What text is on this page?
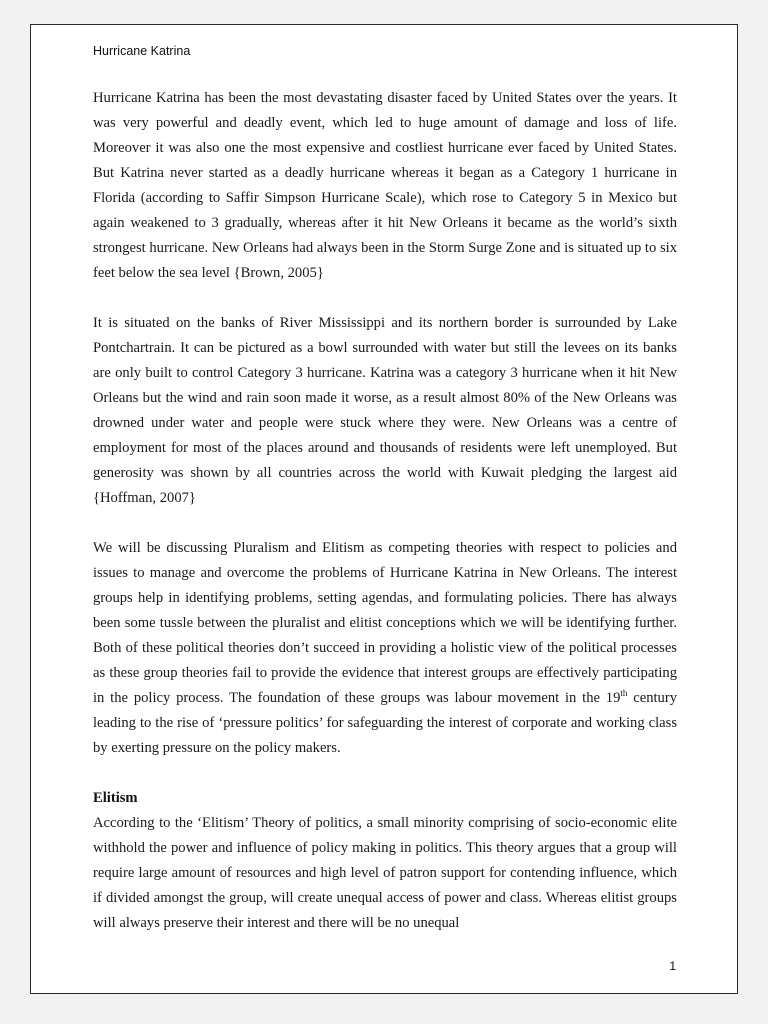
Hurricane Katrina

Hurricane Katrina has been the most devastating disaster faced by United States over the years. It was very powerful and deadly event, which led to huge amount of damage and loss of life. Moreover it was also one the most expensive and costliest hurricane ever faced by United States. But Katrina never started as a deadly hurricane whereas it began as a Category 1 hurricane in Florida (according to Saffir Simpson Hurricane Scale), which rose to Category 5 in Mexico but again weakened to 3 gradually, whereas after it hit New Orleans it became as the world’s sixth strongest hurricane. New Orleans had always been in the Storm Surge Zone and is situated up to six feet below the sea level {Brown, 2005}

It is situated on the banks of River Mississippi and its northern border is surrounded by Lake Pontchartrain. It can be pictured as a bowl surrounded with water but still the levees on its banks are only built to control Category 3 hurricane. Katrina was a category 3 hurricane when it hit New Orleans but the wind and rain soon made it worse, as a result almost 80% of the New Orleans was drowned under water and people were stuck where they were. New Orleans was a centre of employment for most of the places around and thousands of residents were left unemployed. But generosity was shown by all countries across the world with Kuwait pledging the largest aid {Hoffman, 2007}

We will be discussing Pluralism and Elitism as competing theories with respect to policies and issues to manage and overcome the problems of Hurricane Katrina in New Orleans. The interest groups help in identifying problems, setting agendas, and formulating policies. There has always been some tussle between the pluralist and elitist conceptions which we will be identifying further. Both of these political theories don’t succeed in providing a holistic view of the political processes as these group theories fail to provide the evidence that interest groups are effectively participating in the policy process. The foundation of these groups was labour movement in the 19th century leading to the rise of ‘pressure politics’ for safeguarding the interest of corporate and working class by exerting pressure on the policy makers.

Elitism

According to the ‘Elitism’ Theory of politics, a small minority comprising of socio-economic elite withhold the power and influence of policy making in politics. This theory argues that a group will require large amount of resources and high level of patron support for contending influence, which if divided amongst the group, will create unequal access of power and class. Whereas elitist groups will always preserve their interest and there will be no unequal

1
